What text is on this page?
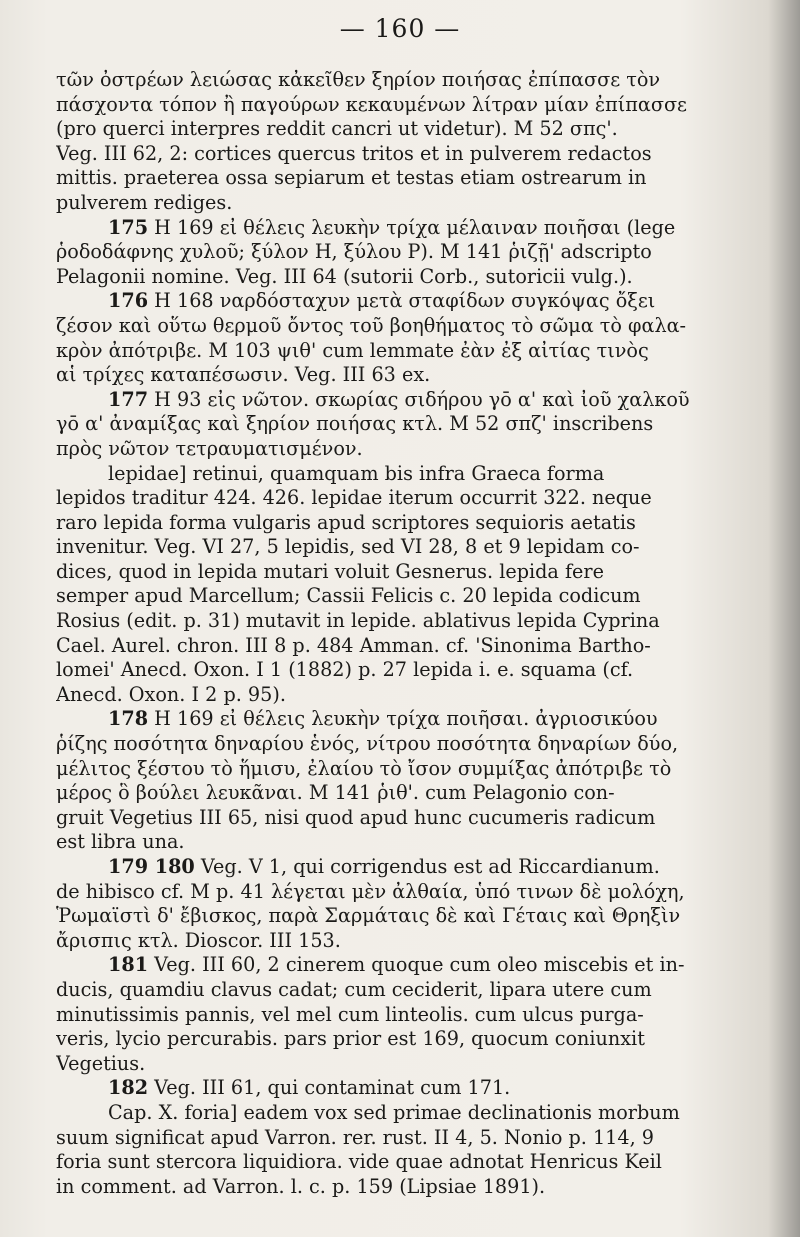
— 160 —
τῶν ὀστρέων λειώσας κἀκεῖθεν ξηρίον ποιήσας ἐπίπασσε τὸν
πάσχοντα τόπον ἢ παγούρων κεκαυμένων λίτραν μίαν ἐπίπασσε
(pro querci interpres reddit cancri ut videtur). M 52 σπς'.
Veg. III 62, 2: cortices quercus tritos et in pulverem redactos
mittis. praeterea ossa sepiarum et testas etiam ostrearum in
pulverem rediges.
175 H 169 εἰ θέλεις λευκὴν τρίχα μέλαιναν ποιῆσαι (lege
ῥοδοδάφνης χυλοῦ; ξύλον H, ξύλου P). M 141 ῥιζῇ' adscripto
Pelagonii nomine. Veg. III 64 (sutorii Corb., sutoricii vulg.).
176 H 168 ναρδόσταχυν μετὰ σταφίδων συγκόψας ὄξει
ζέσον καὶ οὕτω θερμοῦ ὄντος τοῦ βοηθήματος τὸ σῶμα τὸ φαλα-
κρὸν ἀπότριβε. M 103 ψιθ' cum lemmate ἐὰν ἐξ αἰτίας τινὸς
αἱ τρίχες καταπέσωσιν. Veg. III 63 ex.
177 H 93 εἰς νῶτον. σκωρίας σιδήρου γō α' καὶ ἰοῦ χαλκοῦ
γō α' ἀναμίξας καὶ ξηρίον ποιήσας κτλ. M 52 σπζ' inscribens
πρὸς νῶτον τετραυματισμένον.
lepidae] retinui, quamquam bis infra Graeca forma
lepidos traditur 424. 426. lepidae iterum occurrit 322. neque
raro lepida forma vulgaris apud scriptores sequioris aetatis
invenitur. Veg. VI 27, 5 lepidis, sed VI 28, 8 et 9 lepidam co-
dices, quod in lepida mutari voluit Gesnerus. lepida fere
semper apud Marcellum; Cassii Felicis c. 20 lepida codicum
Rosius (edit. p. 31) mutavit in lepide. ablativus lepida Cyprina
Cael. Aurel. chron. III 8 p. 484 Amman. cf. 'Sinonima Bartho-
lomei' Anecd. Oxon. I 1 (1882) p. 27 lepida i. e. squama (cf.
Anecd. Oxon. I 2 p. 95).
178 H 169 εἰ θέλεις λευκὴν τρίχα ποιῆσαι. ἀγριοσικύου
ῥίζης ποσότητα δηναρίου ἑνός, νίτρου ποσότητα δηναρίων δύο,
μέλιτος ξέστου τὸ ἥμισυ, ἐλαίου τὸ ἴσον συμμίξας ἀπότριβε τὸ
μέρος ὃ βούλει λευκᾶναι. M 141 ῥιθ'. cum Pelagonio con-
gruit Vegetius III 65, nisi quod apud hunc cucumeris radicum
est libra una.
179 180 Veg. V 1, qui corrigendus est ad Riccardianum.
de hibisco cf. M p. 41 λέγεται μὲν ἀλθαία, ὑπό τινων δὲ μολόχη,
Ῥωμαϊστὶ δ' ἔβισκος, παρὰ Σαρμάταις δὲ καὶ Γέταις καὶ Θρηξὶν
ἄρισπις κτλ. Dioscor. III 153.
181 Veg. III 60, 2 cinerem quoque cum oleo miscebis et in-
ducis, quamdiu clavus cadat; cum ceciderit, lipara utere cum
minutissimis pannis, vel mel cum linteolis. cum ulcus purga-
veris, lycio percurabis. pars prior est 169, quocum coniunxit
Vegetius.
182 Veg. III 61, qui contaminat cum 171.
Cap. X. foria] eadem vox sed primae declinationis morbum
suum significat apud Varron. rer. rust. II 4, 5. Nonio p. 114, 9
foria sunt stercora liquidiora. vide quae adnotat Henricus Keil
in comment. ad Varron. l. c. p. 159 (Lipsiae 1891).
